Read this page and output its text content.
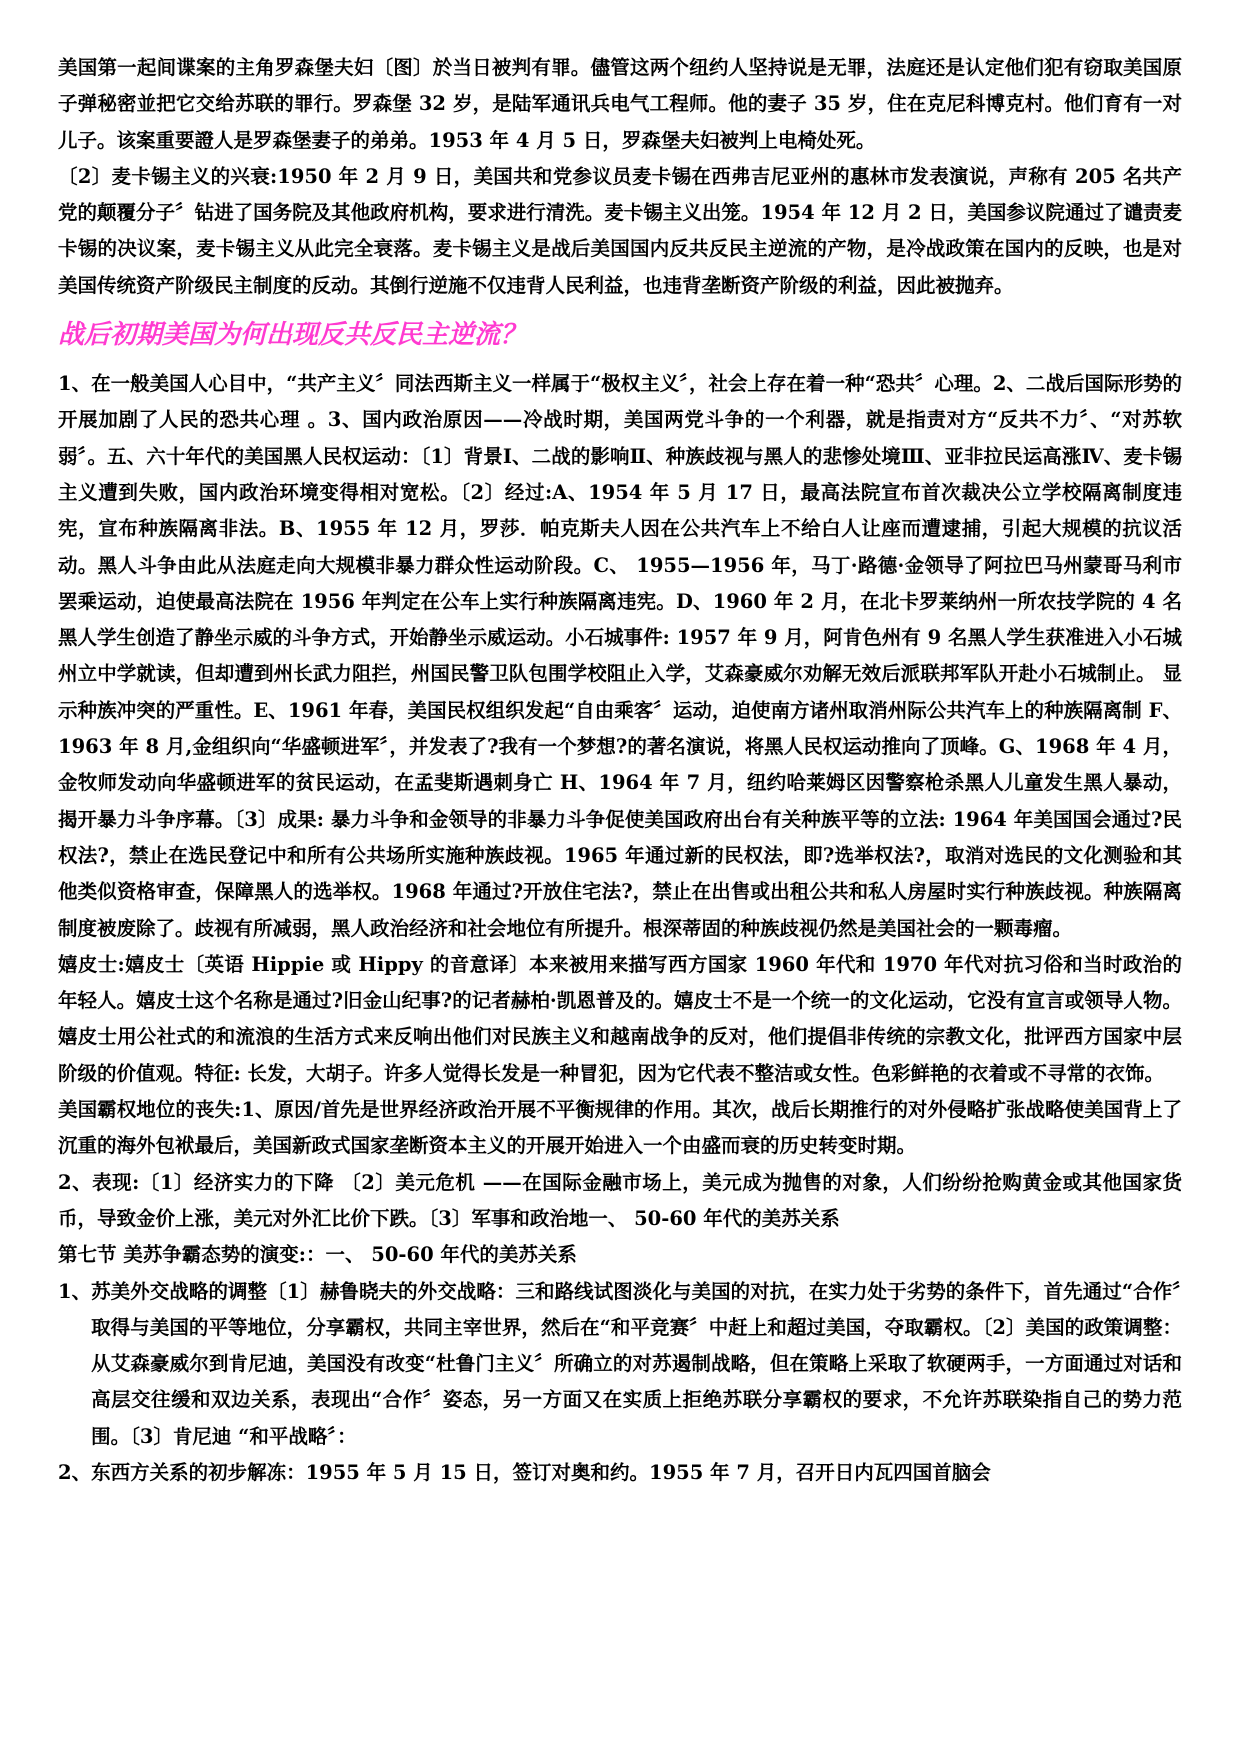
美国第一起间谍案的主角罗森堡夫妇〔图〕於当日被判有罪。儘管这两个纽约人坚持说是无罪，法庭还是认定他们犯有窃取美国原子弹秘密並把它交给苏联的罪行。罗森堡 32 岁，是陆军通讯兵电气工程师。他的妻子 35 岁，住在克尼科博克村。他们育有一对儿子。该案重要證人是罗森堡妻子的弟弟。1953 年 4 月 5 日，罗森堡夫妇被判上电椅处死。

〔2〕麦卡锡主义的兴衰:1950 年 2 月 9 日，美国共和党参议员麦卡锡在西弗吉尼亚州的惠林市发表演说，声称有 205 名共产党的颠覆分子〞钻进了国务院及其他政府机构，要求进行清洗。麦卡锡主义出笼。1954 年 12 月 2 日，美国参议院通过了谴责麦卡锡的决议案，麦卡锡主义从此完全衰落。麦卡锡主义是战后美国国内反共反民主逆流的产物，是冷战政策在国内的反映，也是对美国传统资产阶级民主制度的反动。其倒行逆施不仅违背人民利益，也违背垄断资产阶级的利益，因此被抛弃。

战后初期美国为何出现反共反民主逆流？

1、在一般美国人心目中，“共产主义〞同法西斯主义一样属于“极权主义〞，社会上存在着一种“恐共〞心理。2、二战后国际形势的开展加剧了人民的恐共心理 。3、国内政治原因——冷战时期，美国两党斗争的一个利器，就是指责对方“反共不力〞、“对苏软弱〞。五、六十年代的美国黑人民权运动：〔1〕背景Ⅰ、二战的影响Ⅱ、种族歧视与黑人的悲惨处境Ⅲ、亚非拉民运高涨Ⅳ、麦卡锡主义遭到失败，国内政治环境变得相对宽松。〔2〕经过:A、1954 年 5 月 17 日，最高法院宣布首次裁决公立学校隔离制度违宪，宣布种族隔离非法。B、1955 年 12 月，罗莎．帕克斯夫人因在公共汽车上不给白人让座而遭逮捕，引起大规模的抗议活动。黑人斗争由此从法庭走向大规模非暴力群众性运动阶段。C、 1955—1956 年，马丁·路德·金领导了阿拉巴马州蒙哥马利市罢乘运动，迫使最高法院在 1956 年判定在公车上实行种族隔离违宪。D、1960 年 2 月，在北卡罗莱纳州一所农技学院的 4 名黑人学生创造了静坐示威的斗争方式，开始静坐示威运动。小石城事件: 1957 年 9 月，阿肯色州有 9 名黑人学生获准进入小石城州立中学就读，但却遭到州长武力阻拦，州国民警卫队包围学校阻止入学，艾森豪威尔劝解无效后派联邦军队开赴小石城制止。 显示种族冲突的严重性。E、1961 年春，美国民权组织发起“自由乘客〞运动，迫使南方诸州取消州际公共汽车上的种族隔离制 F、1963 年 8 月,金组织向“华盛顿进军〞，并发表了?我有一个梦想?的著名演说，将黑人民权运动推向了顶峰。G、1968 年 4 月，金牧师发动向华盛顿进军的贫民运动，在孟斐斯遇刺身亡 H、1964 年 7 月，纽约哈莱姆区因警察枪杀黑人儿童发生黑人暴动，揭开暴力斗争序幕。〔3〕成果: 暴力斗争和金领导的非暴力斗争促使美国政府出台有关种族平等的立法: 1964 年美国国会通过?民权法?，禁止在选民登记中和所有公共场所实施种族歧视。1965 年通过新的民权法，即?选举权法?，取消对选民的文化测验和其他类似资格审查，保障黑人的选举权。1968 年通过?开放住宅法?，禁止在出售或出租公共和私人房屋时实行种族歧视。种族隔离制度被废除了。歧视有所减弱，黑人政治经济和社会地位有所提升。根深蒂固的种族歧视仍然是美国社会的一颗毒瘤。

嬉皮士:嬉皮士〔英语 Hippie 或 Hippy 的音意译〕本来被用来描写西方国家 1960 年代和 1970 年代对抗习俗和当时政治的年轻人。嬉皮士这个名称是通过?旧金山纪事?的记者赫柏·凯恩普及的。嬉皮士不是一个统一的文化运动，它没有宣言或领导人物。嬉皮士用公社式的和流浪的生活方式来反响出他们对民族主义和越南战争的反对，他们提倡非传统的宗教文化，批评西方国家中层阶级的价值观。特征: 长发，大胡子。许多人觉得长发是一种冒犯，因为它代表不整洁或女性。色彩鲜艳的衣着或不寻常的衣饰。

美国霸权地位的丧失:1、原因/首先是世界经济政治开展不平衡规律的作用。其次，战后长期推行的对外侵略扩张战略使美国背上了沉重的海外包袱最后，美国新政式国家垄断资本主义的开展开始进入一个由盛而衰的历史转变时期。

2、表现:〔1〕经济实力的下降 〔2〕美元危机 ——在国际金融市场上，美元成为抛售的对象，人们纷纷抢购黄金或其他国家货币，导致金价上涨，美元对外汇比价下跌。〔3〕军事和政治地一、 50-60 年代的美苏关系

第七节 美苏争霸态势的演变:：一、 50-60 年代的美苏关系

1、 苏美外交战略的调整〔1〕赫鲁晓夫的外交战略：三和路线试图淡化与美国的对抗，在实力处于劣势的条件下，首先通过“合作〞取得与美国的平等地位，分享霸权，共同主宰世界，然后在“和平竞赛〞中赶上和超过美国，夺取霸权。〔2〕美国的政策调整：从艾森豪威尔到肯尼迪，美国没有改变“杜鲁门主义〞所确立的对苏遏制战略，但在策略上采取了软硬两手，一方面通过对话和高层交往缓和双边关系，表现出“合作〞姿态，另一方面又在实质上拒绝苏联分享霸权的要求，不允许苏联染指自己的势力范围。〔3〕肯尼迪 “和平战略〞：
2、 东西方关系的初步解冻：1955 年 5 月 15 日，签订对奥和约。1955 年 7 月，召开日内瓦四国首脑会
